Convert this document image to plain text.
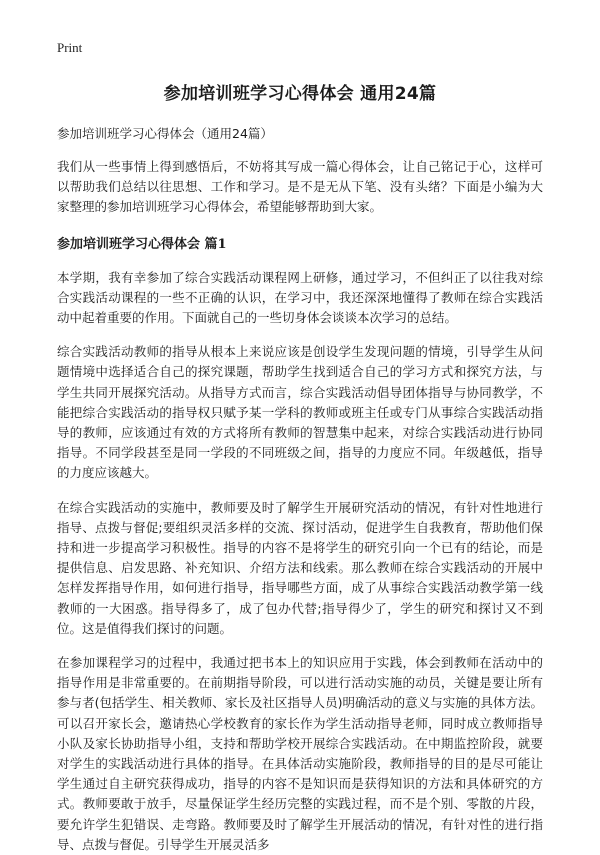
Print
参加培训班学习心得体会 通用24篇
参加培训班学习心得体会（通用24篇）

我们从一些事情上得到感悟后，不妨将其写成一篇心得体会，让自己铭记于心，这样可以帮助我们总结以往思想、工作和学习。是不是无从下笔、没有头绪？下面是小编为大家整理的参加培训班学习心得体会，希望能够帮助到大家。

参加培训班学习心得体会 篇1

本学期，我有幸参加了综合实践活动课程网上研修，通过学习，不但纠正了以往我对综合实践活动课程的一些不正确的认识，在学习中，我还深深地懂得了教师在综合实践活动中起着重要的作用。下面就自己的一些切身体会谈谈本次学习的总结。

综合实践活动教师的指导从根本上来说应该是创设学生发现问题的情境，引导学生从问题情境中选择适合自己的探究课题，帮助学生找到适合自己的学习方式和探究方法，与学生共同开展探究活动。从指导方式而言，综合实践活动倡导团体指导与协同教学，不能把综合实践活动的指导权只赋予某一学科的教师或班主任或专门从事综合实践活动指导的教师，应该通过有效的方式将所有教师的智慧集中起来，对综合实践活动进行协同指导。不同学段甚至是同一学段的不同班级之间，指导的力度应不同。年级越低，指导的力度应该越大。

在综合实践活动的实施中，教师要及时了解学生开展研究活动的情况，有针对性地进行指导、点拨与督促;要组织灵活多样的交流、探讨活动，促进学生自我教育，帮助他们保持和进一步提高学习积极性。指导的内容不是将学生的研究引向一个已有的结论，而是提供信息、启发思路、补充知识、介绍方法和线索。那么教师在综合实践活动的开展中怎样发挥指导作用，如何进行指导，指导哪些方面，成了从事综合实践活动教学第一线教师的一大困惑。指导得多了，成了包办代替;指导得少了，学生的研究和探讨又不到位。这是值得我们探讨的问题。

在参加课程学习的过程中，我通过把书本上的知识应用于实践，体会到教师在活动中的指导作用是非常重要的。在前期指导阶段，可以进行活动实施的动员，关键是要让所有参与者(包括学生、相关教师、家长及社区指导人员)明确活动的意义与实施的具体方法。可以召开家长会，邀请热心学校教育的家长作为学生活动指导老师，同时成立教师指导小队及家长协助指导小组，支持和帮助学校开展综合实践活动。在中期监控阶段，就要对学生的实践活动进行具体的指导。在具体活动实施阶段，教师指导的目的是尽可能让学生通过自主研究获得成功，指导的内容不是知识而是获得知识的方法和具体研究的方式。教师要敢于放手，尽量保证学生经历完整的实践过程，而不是个别、零散的片段，要允许学生犯错误、走弯路。教师要及时了解学生开展活动的情况，有针对性的进行指导、点拨与督促。引导学生开展灵活多
